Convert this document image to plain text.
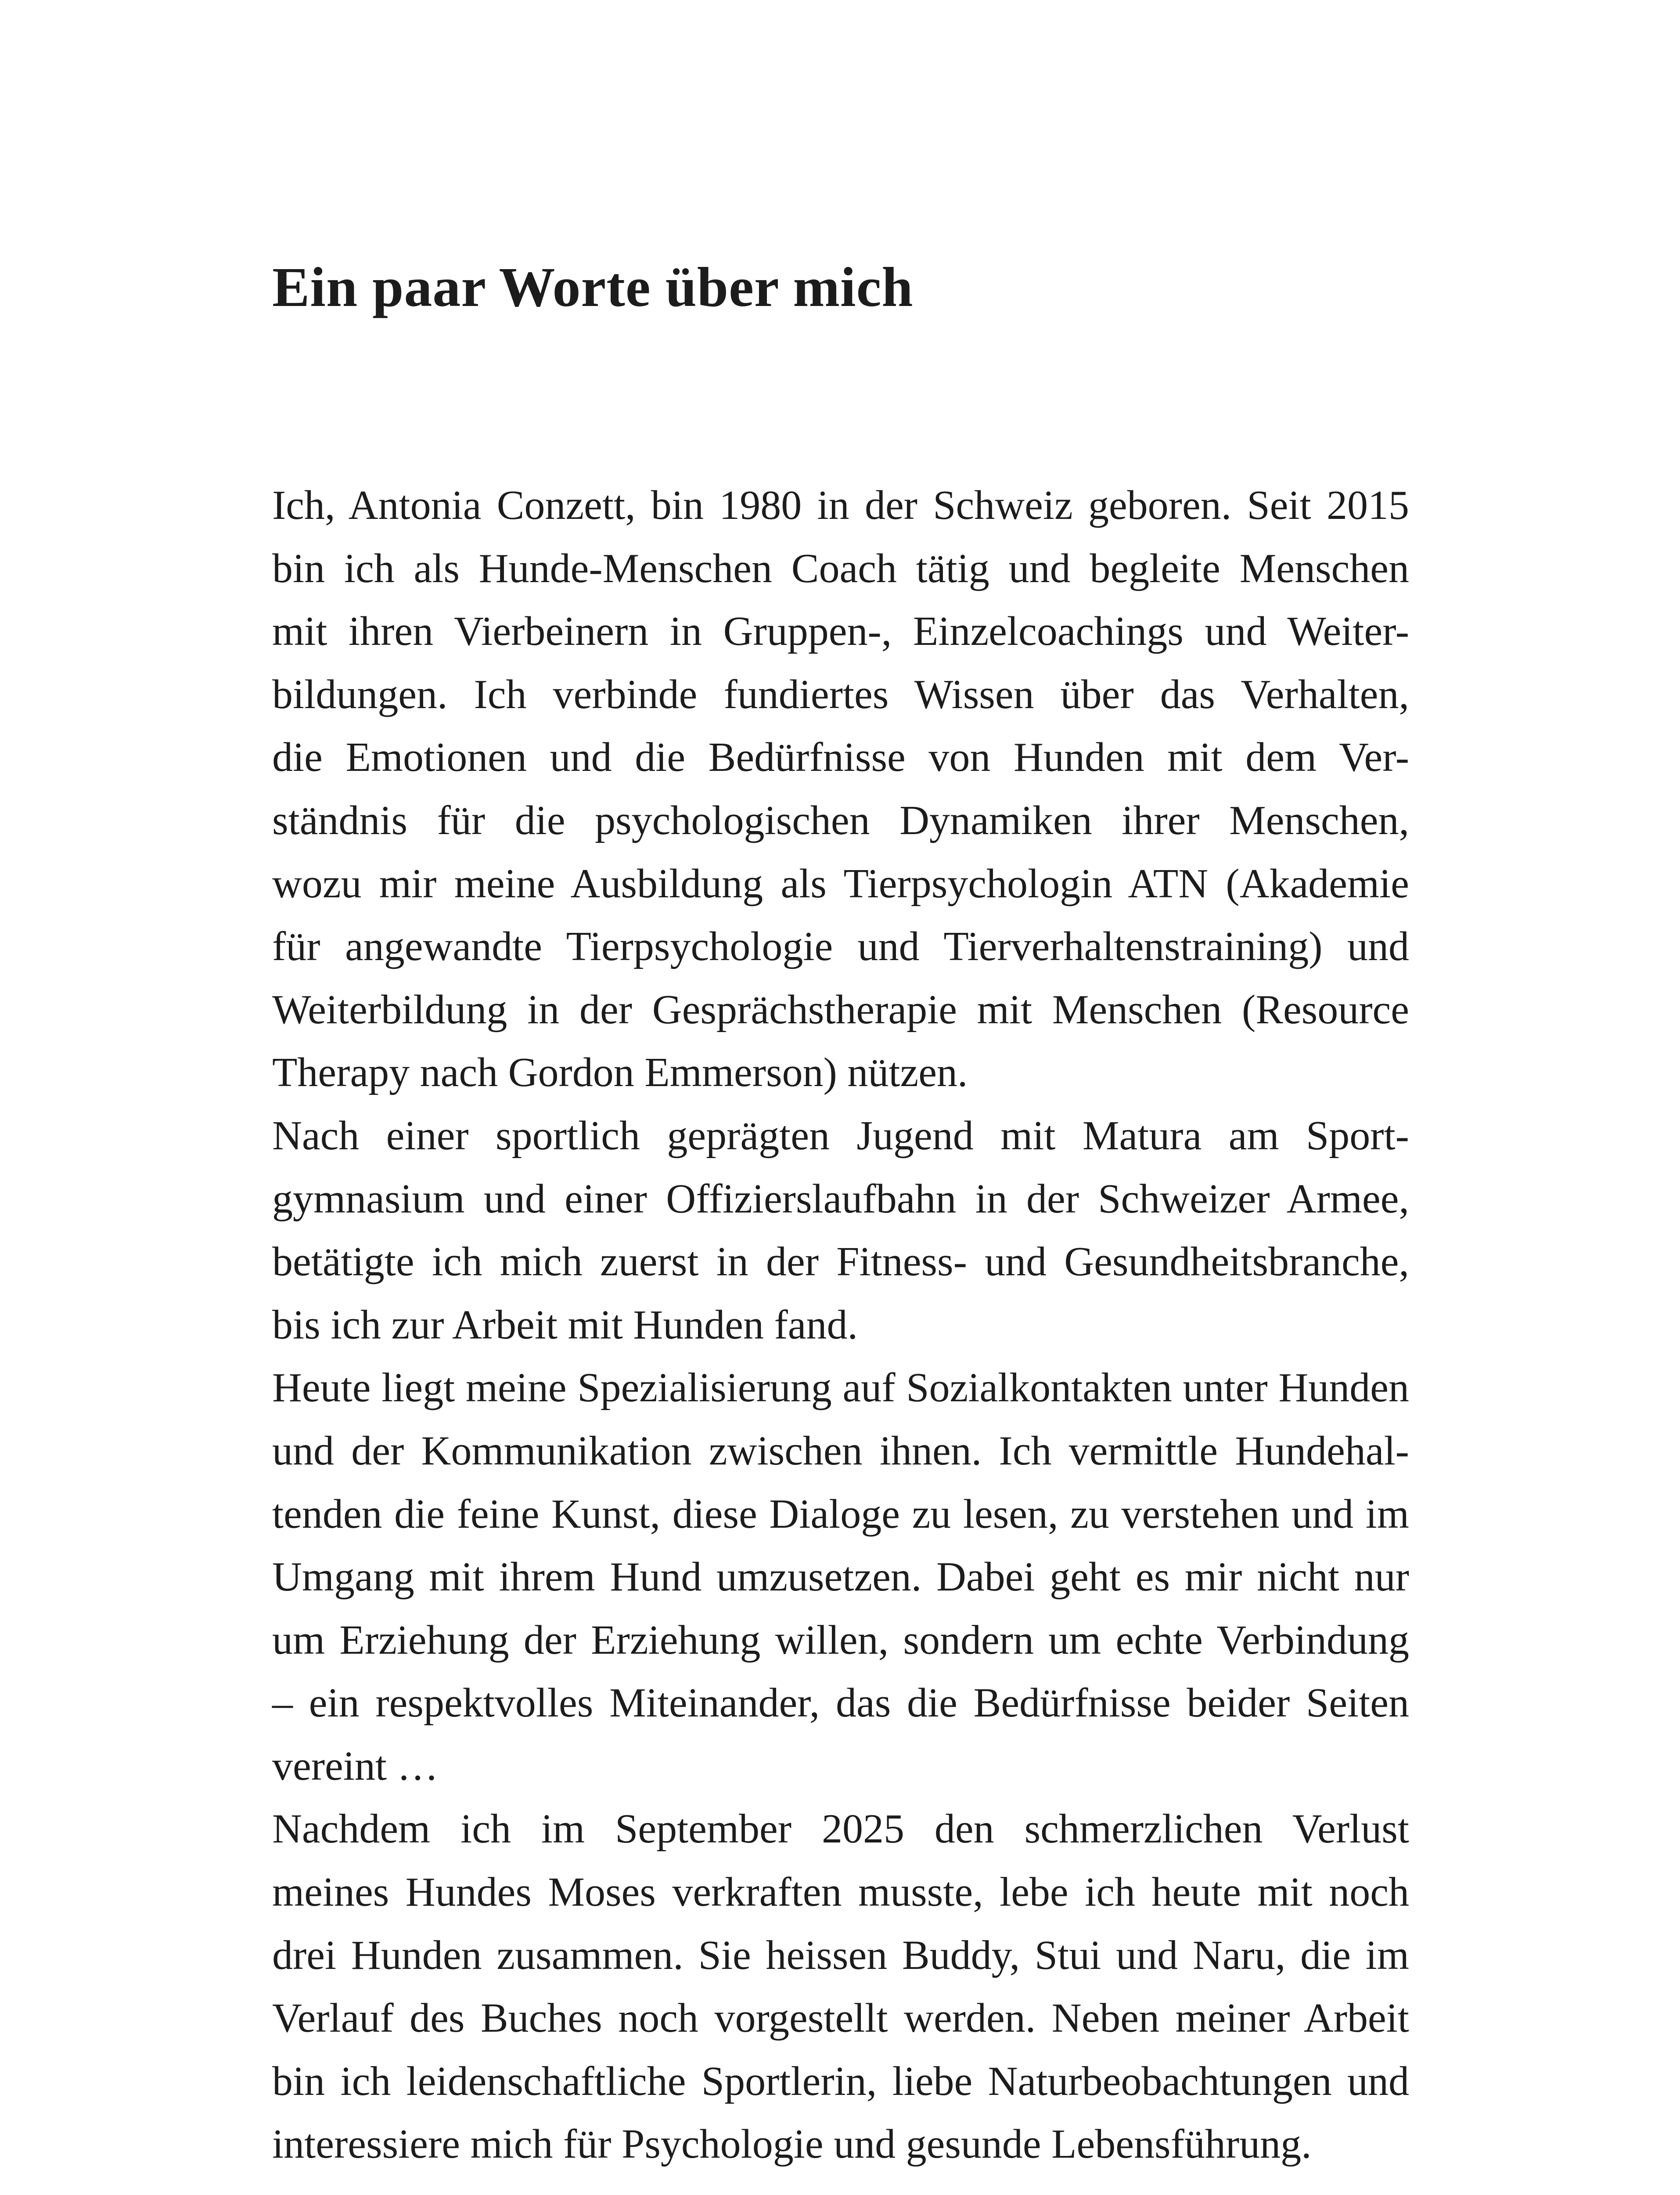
Ein paar Worte über mich
Ich, Antonia Conzett, bin 1980 in der Schweiz geboren. Seit 2015
bin ich als Hunde-Menschen Coach tätig und begleite Menschen
mit ihren Vierbeinern in Gruppen-, Einzelcoachings und Weiter-
bildungen. Ich verbinde fundiertes Wissen über das Verhalten,
die Emotionen und die Bedürfnisse von Hunden mit dem Ver-
ständnis für die psychologischen Dynamiken ihrer Menschen,
wozu mir meine Ausbildung als Tierpsychologin ATN (Akademie
für angewandte Tierpsychologie und Tierverhaltenstraining) und
Weiterbildung in der Gesprächstherapie mit Menschen (Resource
Therapy nach Gordon Emmerson) nützen.
Nach einer sportlich geprägten Jugend mit Matura am Sport-
gymnasium und einer Offizierslaufbahn in der Schweizer Armee,
betätigte ich mich zuerst in der Fitness- und Gesundheitsbranche,
bis ich zur Arbeit mit Hunden fand.
Heute liegt meine Spezialisierung auf Sozialkontakten unter Hunden
und der Kommunikation zwischen ihnen. Ich vermittle Hundehal-
tenden die feine Kunst, diese Dialoge zu lesen, zu verstehen und im
Umgang mit ihrem Hund umzusetzen. Dabei geht es mir nicht nur
um Erziehung der Erziehung willen, sondern um echte Verbindung
– ein respektvolles Miteinander, das die Bedürfnisse beider Seiten
vereint …
Nachdem ich im September 2025 den schmerzlichen Verlust
meines Hundes Moses verkraften musste, lebe ich heute mit noch
drei Hunden zusammen. Sie heissen Buddy, Stui und Naru, die im
Verlauf des Buches noch vorgestellt werden. Neben meiner Arbeit
bin ich leidenschaftliche Sportlerin, liebe Naturbeobachtungen und
interessiere mich für Psychologie und gesunde Lebensführung.
